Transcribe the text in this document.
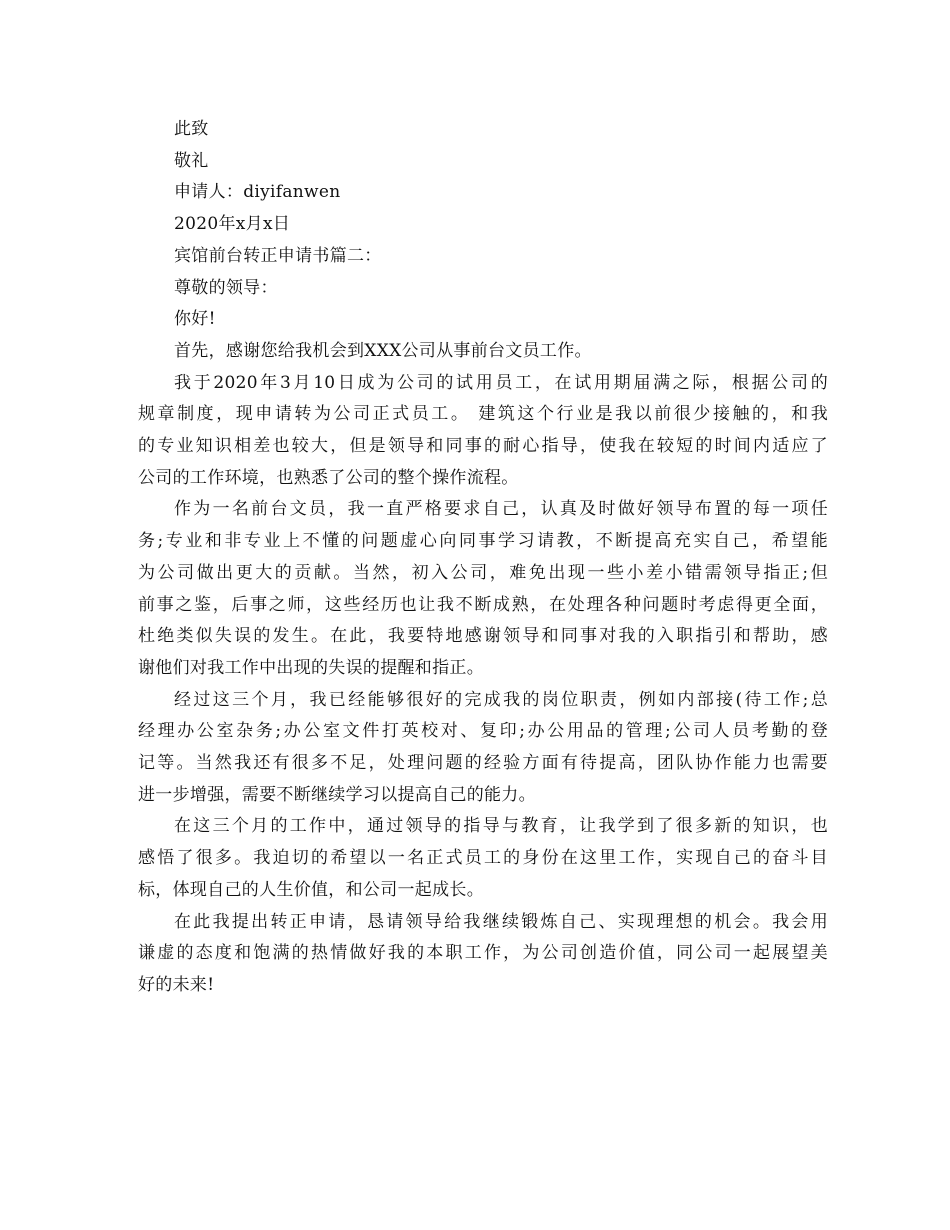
此致

敬礼

申请人：diyifanwen

2020年x月x日

宾馆前台转正申请书篇二：

尊敬的领导：

你好!

首先，感谢您给我机会到XXX公司从事前台文员工作。

我于2020年3月10日成为公司的试用员工，在试用期届满之际，根据公司的

规章制度，现申请转为公司正式员工。 建筑这个行业是我以前很少接触的，和我

的专业知识相差也较大，但是领导和同事的耐心指导，使我在较短的时间内适应了

公司的工作环境，也熟悉了公司的整个操作流程。

作为一名前台文员，我一直严格要求自己，认真及时做好领导布置的每一项任

务;专业和非专业上不懂的问题虚心向同事学习请教，不断提高充实自己，希望能

为公司做出更大的贡献。当然，初入公司，难免出现一些小差小错需领导指正;但

前事之鉴，后事之师，这些经历也让我不断成熟，在处理各种问题时考虑得更全面，

杜绝类似失误的发生。在此，我要特地感谢领导和同事对我的入职指引和帮助，感

谢他们对我工作中出现的失误的提醒和指正。

经过这三个月，我已经能够很好的完成我的岗位职责，例如内部接(待工作;总

经理办公室杂务;办公室文件打英校对、复印;办公用品的管理;公司人员考勤的登

记等。当然我还有很多不足，处理问题的经验方面有待提高，团队协作能力也需要

进一步增强，需要不断继续学习以提高自己的能力。

在这三个月的工作中，通过领导的指导与教育，让我学到了很多新的知识，也

感悟了很多。我迫切的希望以一名正式员工的身份在这里工作，实现自己的奋斗目

标，体现自己的人生价值，和公司一起成长。

在此我提出转正申请，恳请领导给我继续锻炼自己、实现理想的机会。我会用

谦虚的态度和饱满的热情做好我的本职工作，为公司创造价值，同公司一起展望美

好的未来!
